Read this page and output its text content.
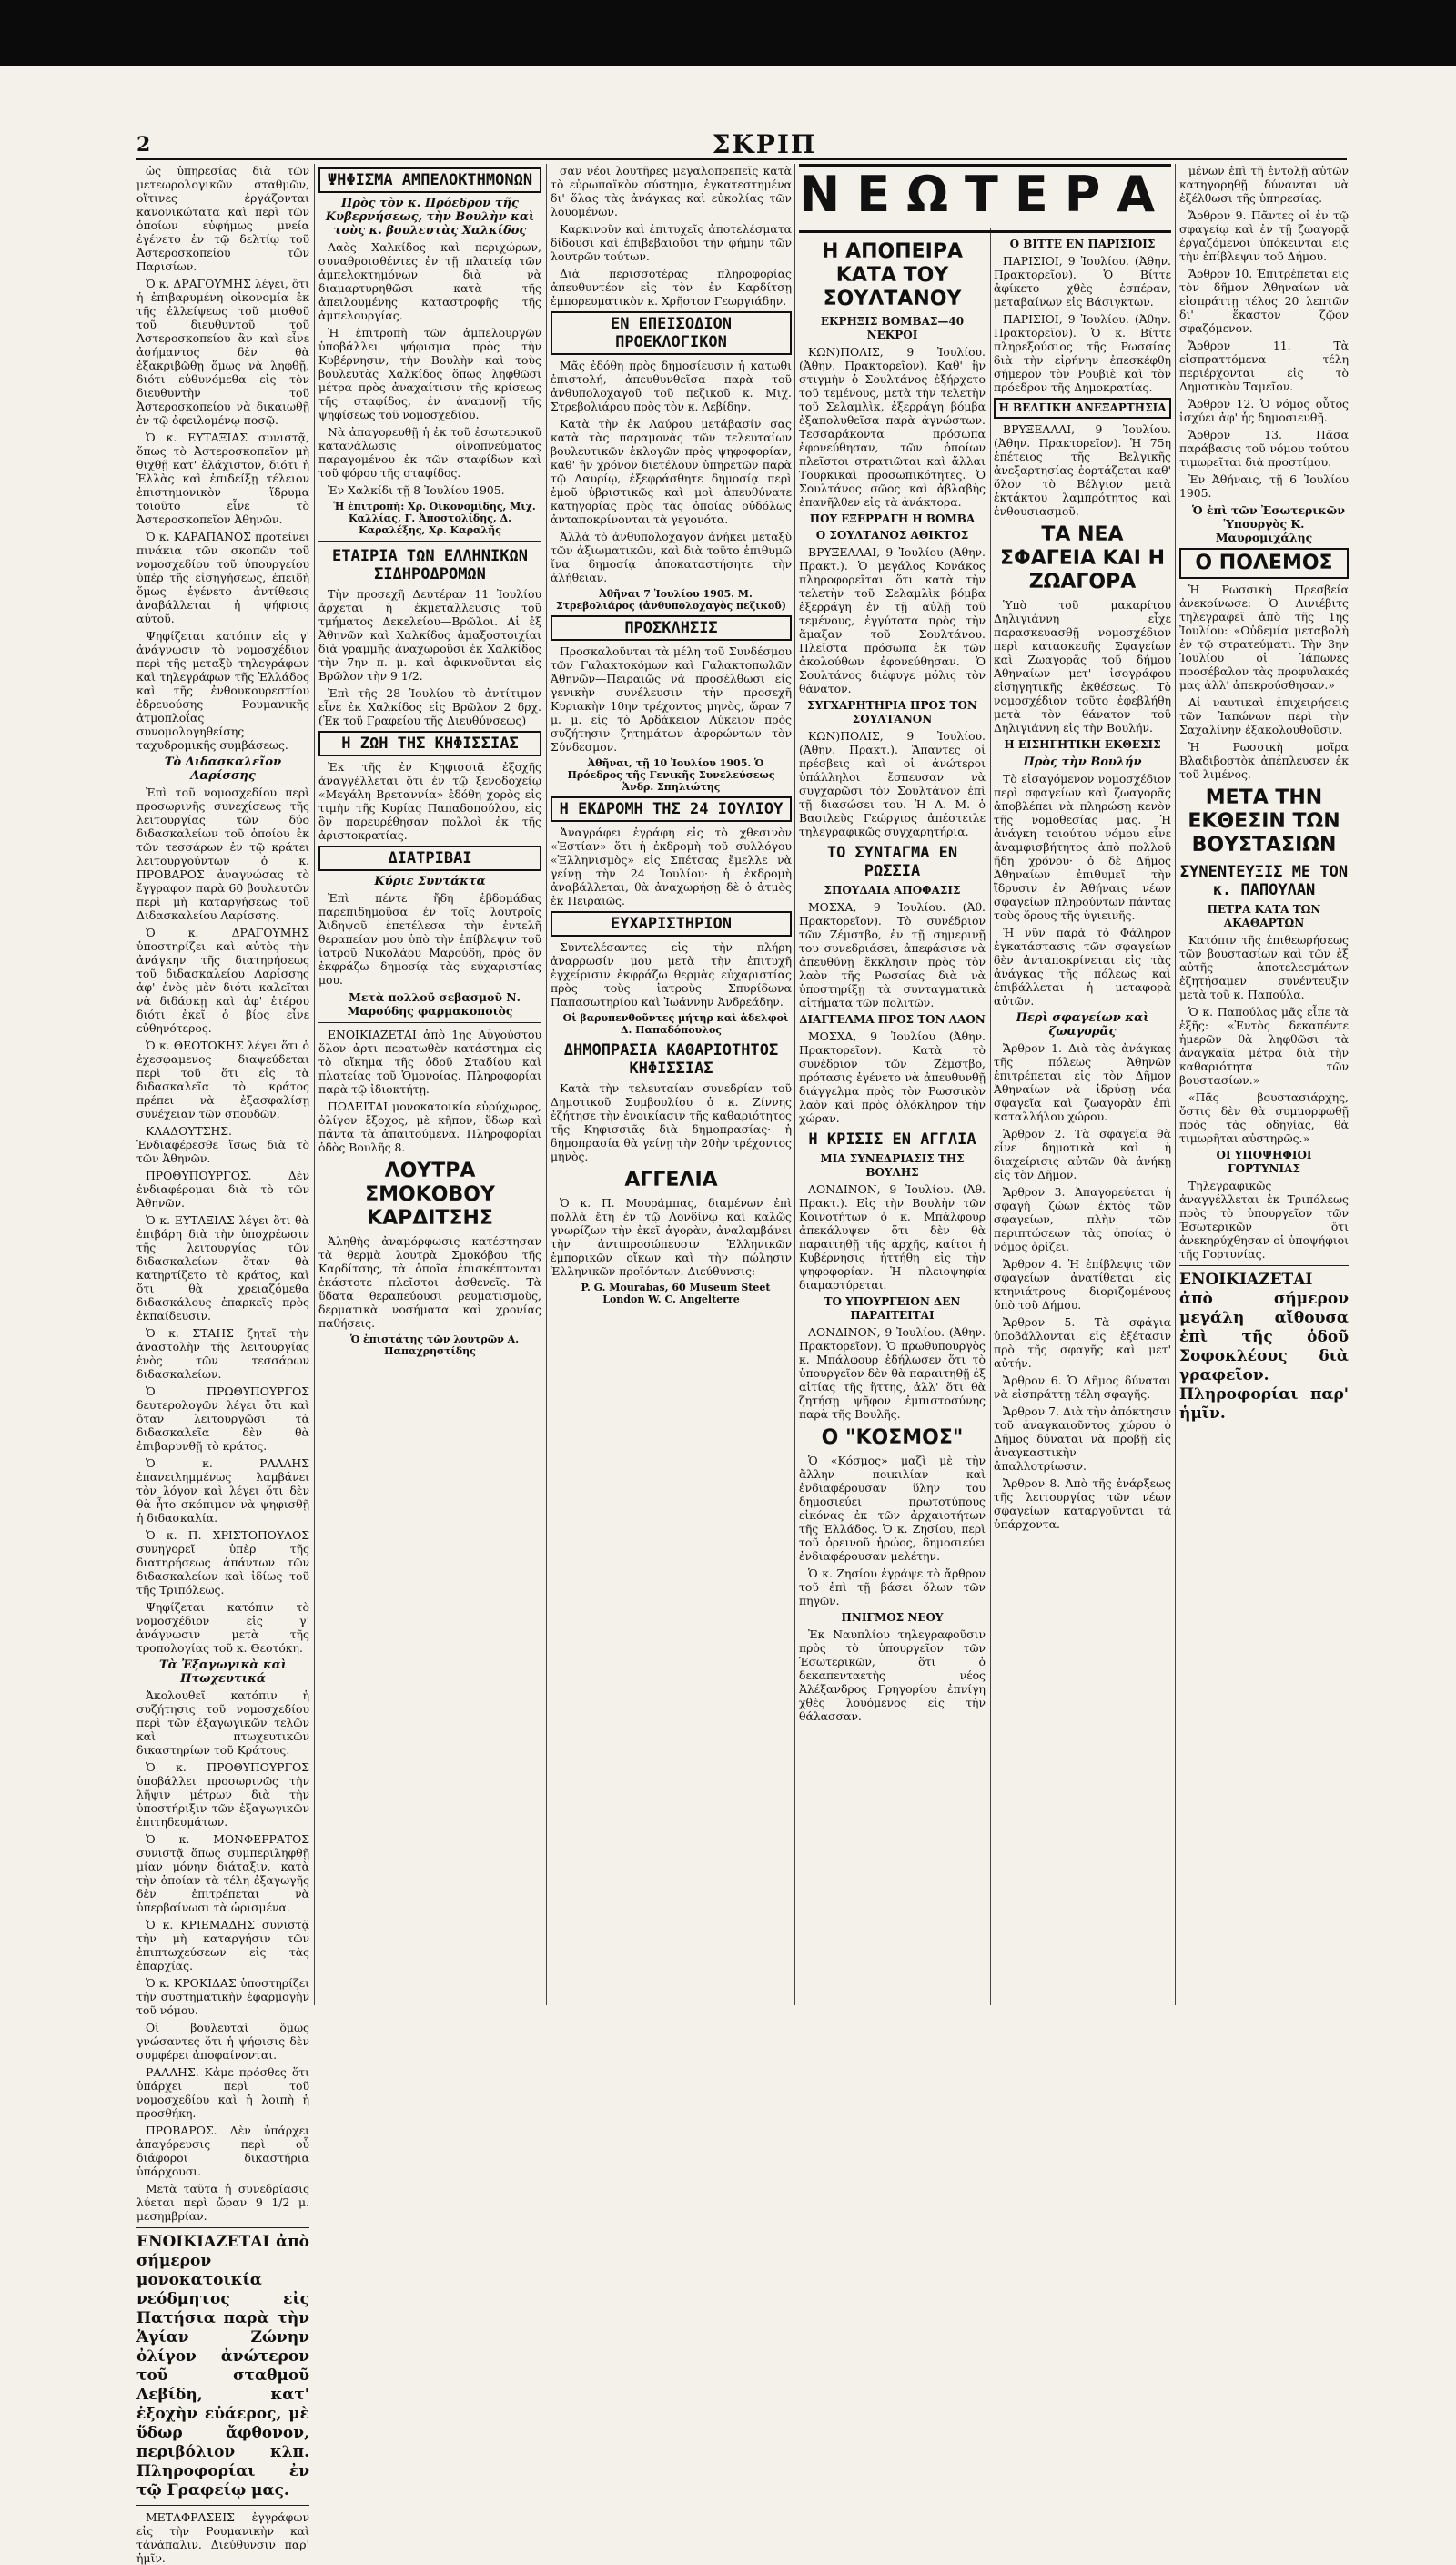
2	ΣΚΡΙΠ

ὡς ὑπηρεσίας διὰ τῶν μετεωρολογικῶν σταθμῶν, οἵτινες ἐργάζονται κανονικώτατα καὶ περὶ τῶν ὁποίων εὐφήμως μνεία ἐγένετο ἐν τῷ δελτίῳ τοῦ Ἀστεροσκοπείου τῶν Παρισίων.

Ὁ κ. ΔΡΑΓΟΥΜΗΣ λέγει, ὅτι ἡ ἐπιβαρυμένη οἰκονομία ἐκ τῆς ἐλλείψεως τοῦ μισθοῦ τοῦ διευθυντοῦ τοῦ Ἀστεροσκοπείου ἂν καὶ εἶνε ἀσήμαντος δὲν θὰ ἐξακριβῶθῃ ὅμως νὰ ληφθῇ, διότι εὐθυνόμεθα εἰς τὸν διευθυντὴν τοῦ Ἀστεροσκοπείου νὰ δικαιωθῇ ἐν τῷ ὀφειλομένῳ ποσῷ.

Ὁ κ. ΕΥΤΑΞΙΑΣ συνιστᾷ, ὅπως τὸ Ἀστεροσκοπεῖον μὴ θιχθῇ κατ' ἐλάχιστον, διότι ἡ Ἑλλὰς καὶ ἐπιδείξῃ τέλειον ἐπιστημονικὸν ἵδρυμα τοιοῦτο εἶνε τὸ Ἀστεροσκοπεῖον Ἀθηνῶν.

Ὁ κ. ΚΑΡΑΠΑΝΟΣ προτείνει πινάκια τῶν σκοπῶν τοῦ νομοσχεδίου τοῦ ὑπουργείου ὑπὲρ τῆς εἰσηγήσεως, ἐπειδὴ ὅμως ἐγένετο ἀντίθεσις ἀναβάλλεται ἡ ψήφισις αὐτοῦ.

Ψηφίζεται κατόπιν εἰς γ' ἀνάγνωσιν τὸ νομοσχέδιον περὶ τῆς μεταξὺ τηλεγράφων καὶ τηλεγράφων τῆς Ἑλλάδος καὶ τῆς ἐνθουκουρεστίου ἐδρευούσης Ρουμανικῆς ἀτμοπλοΐας συνομολογηθείσης ταχυδρομικῆς συμβάσεως.

Τὸ Διδασκαλεῖον Λαρίσσης

Ἐπὶ τοῦ νομοσχεδίου περὶ προσωρινῆς συνεχίσεως τῆς λειτουργίας τῶν δύο διδασκαλείων τοῦ ὁποίου ἐκ τῶν τεσσάρων ἐν τῷ κράτει λειτουργούντων ὁ κ. ΠΡΟΒΑΡΟΣ ἀναγνώσας τὸ ἔγγραφον παρὰ 60 βουλευτῶν περὶ μὴ καταργήσεως τοῦ Διδασκαλείου Λαρίσσης.

Ὁ κ. ΔΡΑΓΟΥΜΗΣ ὑποστηρίζει καὶ αὐτὸς τὴν ἀνάγκην τῆς διατηρήσεως τοῦ διδασκαλείου Λαρίσσης ἀφ' ἑνὸς μὲν διότι καλεῖται νὰ διδάσκῃ καὶ ἀφ' ἑτέρου διότι ἐκεῖ ὁ βίος εἶνε εὐθηνότερος.

Ὁ κ. ΘΕΟΤΟΚΗΣ λέγει ὅτι ὁ ἐχεσφαμενος διαψεύδεται περὶ τοῦ ὅτι εἰς τὰ διδασκαλεῖα τὸ κράτος πρέπει νὰ ἐξασφαλίσῃ συνέχειαν τῶν σπουδῶν.

ΚΛΑΔΟΥΤΣΗΣ. Ἐνδιαφέρεσθε ἴσως διὰ τὸ τῶν Ἀθηνῶν.

ΠΡΟΘΥΠΟΥΡΓΟΣ. Δὲν ἐνδιαφέρομαι διὰ τὸ τῶν Ἀθηνῶν.

Ὁ κ. ΕΥΤΑΞΙΑΣ λέγει ὅτι θὰ ἐπιβάρη διὰ τὴν ὑποχρέωσιν τῆς λειτουργίας τῶν διδασκαλείων ὅταν θὰ κατηρτίζετο τὸ κράτος, καὶ ὅτι θὰ χρειαζόμεθα διδασκάλους ἐπαρκεῖς πρὸς ἐκπαίδευσιν.

Ὁ κ. ΣΤΑΗΣ ζητεῖ τὴν ἀναστολὴν τῆς λειτουργίας ἑνὸς τῶν τεσσάρων διδασκαλείων.

Ὁ ΠΡΩΘΥΠΟΥΡΓΟΣ δευτερολογῶν λέγει ὅτι καὶ ὅταν λειτουργῶσι τὰ διδασκαλεῖα δὲν θὰ ἐπιβαρυνθῇ τὸ κράτος.

Ὁ κ. ΡΑΛΛΗΣ ἐπανειλημμένως λαμβάνει τὸν λόγον καὶ λέγει ὅτι δὲν θὰ ἦτο σκόπιμον νὰ ψηφισθῇ ἡ διδασκαλία.

Ὁ κ. Π. ΧΡΙΣΤΟΠΟΥΛΟΣ συνηγορεῖ ὑπὲρ τῆς διατηρήσεως ἁπάντων τῶν διδασκαλείων καὶ ἰδίως τοῦ τῆς Τριπόλεως.

Ψηφίζεται κατόπιν τὸ νομοσχέδιον εἰς γ' ἀνάγνωσιν μετὰ τῆς τροπολογίας τοῦ κ. Θεοτόκη.

Τὰ Ἐξαγωγικὰ καὶ Πτωχευτικά

Ἀκολουθεῖ κατόπιν ἡ συζήτησις τοῦ νομοσχεδίου περὶ τῶν ἐξαγωγικῶν τελῶν καὶ πτωχευτικῶν δικαστηρίων τοῦ Κράτους.

Ὁ κ. ΠΡΟΘΥΠΟΥΡΓΟΣ ὑποβάλλει προσωρινῶς τὴν λῆψιν μέτρων διὰ τὴν ὑποστήριξιν τῶν ἐξαγωγικῶν ἐπιτηδευμάτων.

Ὁ κ. ΜΟΝΦΕΡΡΑΤΟΣ συνιστᾷ ὅπως συμπεριληφθῇ μίαν μόνην διάταξιν, κατὰ τὴν ὁποίαν τὰ τέλη ἐξαγωγῆς δὲν ἐπιτρέπεται νὰ ὑπερβαίνωσι τὰ ὡρισμένα.

Ὁ κ. ΚΡΙΕΜΑΔΗΣ συνιστᾷ τὴν μὴ καταργήσιν τῶν ἐπιπτωχεύσεων εἰς τὰς ἐπαρχίας.

Ὁ κ. ΚΡΟΚΙΔΑΣ ὑποστηρίζει τὴν συστηματικὴν ἐφαρμογὴν τοῦ νόμου.

Οἱ βουλευταὶ ὅμως γνώσαντες ὅτι ἡ ψήφισις δὲν συμφέρει ἀποφαίνονται.

ΡΑΛΛΗΣ. Κἀμε πρόσθες ὅτι ὑπάρχει περὶ τοῦ νομοσχεδίου καὶ ἡ λοιπὴ ἡ προσθήκη.

ΠΡΟΒΑΡΟΣ. Δὲν ὑπάρχει ἀπαγόρευσις περὶ οὗ διάφοροι δικαστήρια ὑπάρχουσι.

Μετὰ ταῦτα ἡ συνεδρίασις λύεται περὶ ὥραν 9 1/2 μ. μεσημβρίαν.

ΕΝΟΙΚΙΑΖΕΤΑΙ ἀπὸ σήμερον μονοκατοικία νεόδμητος εἰς Πατήσια παρὰ τὴν Ἁγίαν Ζώνην ὀλίγον ἀνώτερον τοῦ σταθμοῦ Λεβίδη, κατ' ἐξοχὴν εὐάερος, μὲ ὕδωρ ἄφθονον, περιβόλιον κλπ. Πληροφορίαι ἐν τῷ Γραφείῳ μας.

ΜΕΤΑΦΡΑΣΕΙΣ ἐγγράφων εἰς τὴν Ρουμανικὴν καὶ τἀνάπαλιν. Διεύθυνσιν παρ' ἡμῖν.

ΨΗΦΙΣΜΑ ΑΜΠΕΛΟΚΤΗΜΟΝΩΝ
Πρὸς τὸν κ. Πρόεδρον τῆς Κυβερνήσεως, τὴν Βουλὴν καὶ τοὺς κ. βουλευτὰς Χαλκίδος

Λαὸς Χαλκίδος καὶ περιχώρων, συναθροισθέντες ἐν τῇ πλατείᾳ τῶν ἀμπελοκτημόνων διὰ νὰ διαμαρτυρηθῶσι κατὰ τῆς ἀπειλουμένης καταστροφῆς τῆς ἀμπελουργίας.

Ἡ ἐπιτροπὴ τῶν ἀμπελουργῶν ὑποβάλλει ψήφισμα πρὸς τὴν Κυβέρνησιν, τὴν Βουλὴν καὶ τοὺς βουλευτὰς Χαλκίδος ὅπως ληφθῶσι μέτρα πρὸς ἀναχαίτισιν τῆς κρίσεως τῆς σταφίδος, ἐν ἀναμονῇ τῆς ψηφίσεως τοῦ νομοσχεδίου.

Νὰ ἀπαγορευθῇ ἡ ἐκ τοῦ ἐσωτερικοῦ κατανάλωσις οἰνοπνεύματος παραγομένου ἐκ τῶν σταφίδων καὶ τοῦ φόρου τῆς σταφίδος.

Ἐν Χαλκίδι τῇ 8 Ἰουλίου 1905.

Ἡ ἐπιτροπὴ: Χρ. Οἰκονομίδης, Μιχ. Καλλίας, Γ. Ἀποστολίδης, Δ. Καραλέξης, Χρ. Καραλῆς

ΕΤΑΙΡΙΑ ΤΩΝ ΕΛΛΗΝΙΚΩΝ ΣΙΔΗΡΟΔΡΟΜΩΝ

Τὴν προσεχῆ Δευτέραν 11 Ἰουλίου ἄρχεται ἡ ἐκμετάλλευσις τοῦ τμήματος Δεκελείου—Βρῶλοι. Αἱ ἐξ Ἀθηνῶν καὶ Χαλκίδος ἀμαξοστοιχίαι διὰ γραμμῆς ἀναχωροῦσι ἐκ Χαλκίδος τὴν 7ην π. μ. καὶ ἀφικνοῦνται εἰς Βρῶλον τὴν 9 1/2.

Ἐπὶ τῆς 28 Ἰουλίου τὸ ἀντίτιμον εἶνε ἐκ Χαλκίδος εἰς Βρῶλον 2 δρχ. (Ἐκ τοῦ Γραφείου τῆς Διευθύνσεως)

Η ΖΩΗ ΤΗΣ ΚΗΦΙΣΣΙΑΣ

Ἐκ τῆς ἐν Κηφισσιᾷ ἐξοχῆς ἀναγγέλλεται ὅτι ἐν τῷ ξενοδοχείῳ «Μεγάλη Βρεταννία» ἐδόθη χορὸς εἰς τιμὴν τῆς Κυρίας Παπαδοπούλου, εἰς ὃν παρευρέθησαν πολλοὶ ἐκ τῆς ἀριστοκρατίας.

ΔΙΑΤΡΙΒΑΙ
Κύριε Συντάκτα

Ἐπὶ πέντε ἤδη ἑβδομάδας παρεπιδημοῦσα ἐν τοῖς λουτροῖς Ἀιδηψοῦ ἐπετέλεσα τὴν ἐντελῆ θεραπείαν μου ὑπὸ τὴν ἐπίβλεψιν τοῦ ἰατροῦ Νικολάου Μαρούδη, πρὸς ὃν ἐκφράζω δημοσίᾳ τὰς εὐχαριστίας μου.

Μετὰ πολλοῦ σεβασμοῦ Ν. Μαρούδης φαρμακοποιὸς

ΕΝΟΙΚΙΑΖΕΤΑΙ ἀπὸ 1ης Αὐγούστου ὅλον ἀρτι περατωθὲν κατάστημα εἰς τὸ οἴκημα τῆς ὁδοῦ Σταδίου καὶ πλατείας τοῦ Ὁμονοίας. Πληροφορίαι παρὰ τῷ ἰδιοκτήτῃ.

ΠΩΛΕΙΤΑΙ μονοκατοικία εὐρύχωρος, ὀλίγον ἔξοχος, μὲ κῆπον, ὕδωρ καὶ πάντα τὰ ἀπαιτούμενα. Πληροφορίαι ὁδὸς Βουλῆς 8.

ΛΟΥΤΡΑ ΣΜΟΚΟΒΟΥ ΚΑΡΔΙΤΣΗΣ

Ἀληθὴς ἀναμόρφωσις κατέστησαν τὰ θερμὰ λουτρὰ Σμοκόβου τῆς Καρδίτσης, τὰ ὁποῖα ἐπισκέπτονται ἑκάστοτε πλεῖστοι ἀσθενεῖς. Τὰ ὕδατα θεραπεύουσι ρευματισμοὺς, δερματικὰ νοσήματα καὶ χρονίας παθήσεις.

Ὁ ἐπιστάτης τῶν λουτρῶν Α. Παπαχρηστίδης

σαν νέοι λουτῆρες μεγαλοπρεπεῖς κατὰ τὸ εὐρωπαϊκὸν σύστημα, ἐγκατεστημένα δι' ὅλας τὰς ἀνάγκας καὶ εὐκολίας τῶν λουομένων.

Καρκινοῦν καὶ ἐπιτυχεῖς ἀποτελέσματα δίδουσι καὶ ἐπιβεβαιοῦσι τὴν φήμην τῶν λουτρῶν τούτων.

Διὰ περισσοτέρας πληροφορίας ἀπευθυντέον εἰς τὸν ἐν Καρδίτσῃ ἐμπορευματικὸν κ. Χρῆστον Γεωργιάδην.

ΕΝ ΕΠΕΙΣΟΔΙΟΝ ΠΡΟΕΚΛΟΓΙΚΟΝ

Μᾶς ἐδόθη πρὸς δημοσίευσιν ἡ κατωθι ἐπιστολή, ἀπευθυνθεῖσα παρὰ τοῦ ἀνθυπολοχαγοῦ τοῦ πεζικοῦ κ. Μιχ. Στρεβολιάρου πρὸς τὸν κ. Λεβίδην.

Κατὰ τὴν ἐκ Λαύρου μετάβασίν σας κατὰ τὰς παραμονὰς τῶν τελευταίων βουλευτικῶν ἐκλογῶν πρὸς ψηφοφορίαν, καθ' ἣν χρόνον διετέλουν ὑπηρετῶν παρὰ τῷ Λαυρίῳ, ἐξεφράσθητε δημοσίᾳ περὶ ἐμοῦ ὑβριστικῶς καὶ μοὶ ἀπευθύνατε κατηγορίας πρὸς τὰς ὁποίας οὐδόλως ἀνταποκρίνονται τὰ γεγονότα.

Ἀλλὰ τὸ ἀνθυπολοχαγὸν ἀνήκει μεταξὺ τῶν ἀξιωματικῶν, καὶ διὰ τοῦτο ἐπιθυμῶ ἵνα δημοσίᾳ ἀποκαταστήσητε τὴν ἀλήθειαν.

Ἀθῆναι 7 Ἰουλίου 1905. Μ. Στρεβολιάρος (ἀνθυπολοχαγὸς πεζικοῦ)

ΠΡΟΣΚΛΗΣΙΣ

Προσκαλοῦνται τὰ μέλη τοῦ Συνδέσμου τῶν Γαλακτοκόμων καὶ Γαλακτοπωλῶν Ἀθηνῶν—Πειραιῶς νὰ προσέλθωσι εἰς γενικὴν συνέλευσιν τὴν προσεχῆ Κυριακὴν 10ην τρέχοντος μηνὸς, ὥραν 7 μ. μ. εἰς τὸ Ἀρδάκειον Λύκειον πρὸς συζήτησιν ζητημάτων ἀφορώντων τὸν Σύνδεσμον.

Ἀθῆναι, τῇ 10 Ἰουλίου 1905. Ὁ Πρόεδρος τῆς Γενικῆς Συνελεύσεως Ἀνδρ. Σπηλιώτης

Η ΕΚΔΡΟΜΗ ΤΗΣ 24 ΙΟΥΛΙΟΥ

Ἀναγράφει ἐγράφη εἰς τὸ χθεσινὸν «Ἑστίαν» ὅτι ἡ ἐκδρομὴ τοῦ συλλόγου «Ἑλληνισμὸς» εἰς Σπέτσας ἔμελλε νὰ γείνῃ τὴν 24 Ἰουλίου· ἡ ἐκδρομὴ ἀναβάλλεται, θὰ ἀναχωρήσῃ δὲ ὁ ἀτμὸς ἐκ Πειραιῶς.

ΕΥΧΑΡΙΣΤΗΡΙΟΝ

Συντελέσαντες εἰς τὴν πλήρη ἀναρρωσίν μου μετὰ τὴν ἐπιτυχῆ ἐγχείρισιν ἐκφράζω θερμὰς εὐχαριστίας πρὸς τοὺς ἰατροὺς Σπυρίδωνα Παπασωτηρίου καὶ Ἰωάννην Ἀνδρεάδην.

Οἱ βαρυπενθοῦντες μήτηρ καὶ ἀδελφοὶ Δ. Παπαδόπουλος

ΔΗΜΟΠΡΑΣΙΑ ΚΑΘΑΡΙΟΤΗΤΟΣ ΚΗΦΙΣΣΙΑΣ

Κατὰ τὴν τελευταίαν συνεδρίαν τοῦ Δημοτικοῦ Συμβουλίου ὁ κ. Ζίννης ἐζήτησε τὴν ἐνοικίασιν τῆς καθαριότητος τῆς Κηφισσιᾶς διὰ δημοπρασίας· ἡ δημοπρασία θὰ γείνῃ τὴν 20ὴν τρέχοντος μηνὸς.

ΑΓΓΕΛΙΑ

Ὁ κ. Π. Μουράμπας, διαμένων ἐπὶ πολλὰ ἔτη ἐν τῷ Λονδίνῳ καὶ καλῶς γνωρίζων τὴν ἐκεῖ ἀγορὰν, ἀναλαμβάνει τὴν ἀντιπροσώπευσιν Ἑλληνικῶν ἐμπορικῶν οἴκων καὶ τὴν πώλησιν Ἑλληνικῶν προϊόντων. Διεύθυνσις:

P. G. Mourabas, 60 Museum Steet London W. C. Angelterre

ΝΕΩΤΕΡΑ
Η ΑΠΟΠΕΙΡΑ ΚΑΤΑ ΤΟΥ ΣΟΥΛΤΑΝΟΥ
ΕΚΡΗΞΙΣ ΒΟΜΒΑΣ—40 ΝΕΚΡΟΙ

ΚΩΝ)ΠΟΛΙΣ, 9 Ἰουλίου. (Ἀθην. Πρακτορεῖον). Καθ' ἣν στιγμὴν ὁ Σουλτάνος ἐξήρχετο τοῦ τεμένους, μετὰ τὴν τελετὴν τοῦ Σελαμλὶκ, ἐξερράγη βόμβα ἐξαπολυθεῖσα παρὰ ἀγνώστων. Τεσσαράκοντα πρόσωπα ἐφονεύθησαν, τῶν ὁποίων πλεῖστοι στρατιῶται καὶ ἄλλαι Τουρκικαὶ προσωπικότητες. Ὁ Σουλτάνος σῶος καὶ ἀβλαβὴς ἐπανῆλθεν εἰς τὰ ἀνάκτορα.

ΠΟΥ ΕΞΕΡΡΑΓΗ Η ΒΟΜΒΑ
Ο ΣΟΥΛΤΑΝΟΣ ΑΘΙΚΤΟΣ

ΒΡΥΞΕΛΛΑΙ, 9 Ἰουλίου (Ἀθην. Πρακτ.). Ὁ μεγάλος Κονάκος πληροφορεῖται ὅτι κατὰ τὴν τελετὴν τοῦ Σελαμλὶκ βόμβα ἐξερράγη ἐν τῇ αὐλῇ τοῦ τεμένους, ἐγγύτατα πρὸς τὴν ἅμαξαν τοῦ Σουλτάνου. Πλεῖστα πρόσωπα ἐκ τῶν ἀκολούθων ἐφονεύθησαν. Ὁ Σουλτάνος διέφυγε μόλις τὸν θάνατον.

ΣΥΓΧΑΡΗΤΗΡΙΑ ΠΡΟΣ ΤΟΝ ΣΟΥΛΤΑΝΟΝ

ΚΩΝ)ΠΟΛΙΣ, 9 Ἰουλίου. (Ἀθην. Πρακτ.). Ἅπαντες οἱ πρέσβεις καὶ οἱ ἀνώτεροι ὑπάλληλοι ἔσπευσαν νὰ συγχαρῶσι τὸν Σουλτάνον ἐπὶ τῇ διασώσει του. Ἡ Α. Μ. ὁ Βασιλεὺς Γεώργιος ἀπέστειλε τηλεγραφικῶς συγχαρητήρια.

ΤΟ ΣΥΝΤΑΓΜΑ ΕΝ ΡΩΣΣΙΑ
ΣΠΟΥΔΑΙΑ ΑΠΟΦΑΣΙΣ

ΜΟΣΧΑ, 9 Ἰουλίου. (Ἀθ. Πρακτορεῖον). Τὸ συνέδριον τῶν Ζέμστβο, ἐν τῇ σημερινῇ του συνεδριάσει, ἀπεφάσισε νὰ ἀπευθύνῃ ἔκκλησιν πρὸς τὸν λαὸν τῆς Ρωσσίας διὰ νὰ ὑποστηρίξῃ τὰ συνταγματικὰ αἰτήματα τῶν πολιτῶν.

ΔΙΑΓΓΕΛΜΑ ΠΡΟΣ ΤΟΝ ΛΑΟΝ

ΜΟΣΧΑ, 9 Ἰουλίου (Ἀθην. Πρακτορεῖον). Κατὰ τὸ συνέδριον τῶν Ζέμστβο, πρότασις ἐγένετο νὰ ἀπευθυνθῇ διάγγελμα πρὸς τὸν Ρωσσικὸν λαὸν καὶ πρὸς ὁλόκληρον τὴν χώραν.

Η ΚΡΙΣΙΣ ΕΝ ΑΓΓΛΙΑ
ΜΙΑ ΣΥΝΕΔΡΙΑΣΙΣ ΤΗΣ ΒΟΥΛΗΣ

ΛΟΝΔΙΝΟΝ, 9 Ἰουλίου. (Ἀθ. Πρακτ.). Εἰς τὴν Βουλὴν τῶν Κοινοτήτων ὁ κ. Μπάλφουρ ἀπεκάλυψεν ὅτι δὲν θὰ παραιτηθῇ τῆς ἀρχῆς, καίτοι ἡ Κυβέρνησις ἡττήθη εἰς τὴν ψηφοφορίαν. Ἡ πλειοψηφία διαμαρτύρεται.

ΤΟ ΥΠΟΥΡΓΕΙΟΝ ΔΕΝ ΠΑΡΑΙΤΕΙΤΑΙ

ΛΟΝΔΙΝΟΝ, 9 Ἰουλίου. (Ἀθην. Πρακτορεῖον). Ὁ πρωθυπουργὸς κ. Μπάλφουρ ἐδήλωσεν ὅτι τὸ ὑπουργεῖον δὲν θὰ παραιτηθῇ ἐξ αἰτίας τῆς ἥττης, ἀλλ' ὅτι θὰ ζητήσῃ ψῆφον ἐμπιστοσύνης παρὰ τῆς Βουλῆς.

Ο "ΚΟΣΜΟΣ"

Ὁ «Κόσμος» μαζὶ μὲ τὴν ἄλλην ποικιλίαν καὶ ἐνδιαφέρουσαν ὕλην του δημοσιεύει πρωτοτύπους εἰκόνας ἐκ τῶν ἀρχαιοτήτων τῆς Ἑλλάδος. Ὁ κ. Ζησίου, περὶ τοῦ ὀρεινοῦ ἡρώος, δημοσιεύει ἐνδιαφέρουσαν μελέτην.

Ὁ κ. Ζησίου ἐγράψε τὸ ἄρθρον τοῦ ἐπὶ τῇ βάσει ὅλων τῶν πηγῶν.

ΠΝΙΓΜΟΣ ΝΕΟΥ

Ἐκ Ναυπλίου τηλεγραφοῦσιν πρὸς τὸ ὑπουργεῖον τῶν Ἐσωτερικῶν, ὅτι ὁ δεκαπενταετὴς νέος Ἀλέξανδρος Γρηγορίου ἐπνίγη χθὲς λουόμενος εἰς τὴν θάλασσαν.

Ο ΒΙΤΤΕ ΕΝ ΠΑΡΙΣΙΟΙΣ

ΠΑΡΙΣΙΟΙ, 9 Ἰουλίου. (Ἀθην. Πρακτορεῖον). Ὁ Βίττε ἀφίκετο χθὲς ἑσπέραν, μεταβαίνων εἰς Βάσιγκτων.

ΠΑΡΙΣΙΟΙ, 9 Ἰουλίου. (Ἀθην. Πρακτορεῖον). Ὁ κ. Βίττε πληρεξούσιος τῆς Ρωσσίας διὰ τὴν εἰρήνην ἐπεσκέφθη σήμερον τὸν Ρουβιὲ καὶ τὸν πρόεδρον τῆς Δημοκρατίας.

Η ΒΕΛΓΙΚΗ ΑΝΕΞΑΡΤΗΣΙΑ

ΒΡΥΞΕΛΛΑΙ, 9 Ἰουλίου. (Ἀθην. Πρακτορεῖον). Ἡ 75η ἐπέτειος τῆς Βελγικῆς ἀνεξαρτησίας ἑορτάζεται καθ' ὅλον τὸ Βέλγιον μετὰ ἐκτάκτου λαμπρότητος καὶ ἐνθουσιασμοῦ.

ΤΑ ΝΕΑ ΣΦΑΓΕΙΑ ΚΑΙ Η ΖΩΑΓΟΡΑ

Ὑπὸ τοῦ μακαρίτου Δηλιγιάννη εἶχε παρασκευασθῇ νομοσχέδιον περὶ κατασκευῆς Σφαγείων καὶ Ζωαγορᾶς τοῦ δήμου Ἀθηναίων μετ' ἰσογράφου εἰσηγητικῆς ἐκθέσεως. Τὸ νομοσχέδιον τοῦτο ἐφεβλήθη μετὰ τὸν θάνατον τοῦ Δηλιγιάννη εἰς τὴν Βουλήν.

Η ΕΙΣΗΓΗΤΙΚΗ ΕΚΘΕΣΙΣ
Πρὸς τὴν Βουλήν

Τὸ εἰσαγόμενον νομοσχέδιον περὶ σφαγείων καὶ ζωαγορᾶς ἀποβλέπει νὰ πληρώσῃ κενὸν τῆς νομοθεσίας μας. Ἡ ἀνάγκη τοιούτου νόμου εἶνε ἀναμφισβήτητος ἀπὸ πολλοῦ ἤδη χρόνου· ὁ δὲ Δῆμος Ἀθηναίων ἐπιθυμεῖ τὴν ἵδρυσιν ἐν Ἀθήναις νέων σφαγείων πληρούντων πάντας τοὺς ὅρους τῆς ὑγιεινῆς.

Ἡ νῦν παρὰ τὸ Φάληρον ἐγκατάστασις τῶν σφαγείων δὲν ἀνταποκρίνεται εἰς τὰς ἀνάγκας τῆς πόλεως καὶ ἐπιβάλλεται ἡ μεταφορὰ αὐτῶν.

Περὶ σφαγείων καὶ ζωαγορᾶς

Ἄρθρον 1. Διὰ τὰς ἀνάγκας τῆς πόλεως Ἀθηνῶν ἐπιτρέπεται εἰς τὸν Δῆμον Ἀθηναίων νὰ ἱδρύσῃ νέα σφαγεῖα καὶ ζωαγορὰν ἐπὶ καταλλήλου χώρου.

Ἄρθρον 2. Τὰ σφαγεῖα θὰ εἶνε δημοτικὰ καὶ ἡ διαχείρισις αὐτῶν θὰ ἀνήκῃ εἰς τὸν Δῆμον.

Ἄρθρον 3. Ἀπαγορεύεται ἡ σφαγὴ ζώων ἐκτὸς τῶν σφαγείων, πλὴν τῶν περιπτώσεων τὰς ὁποίας ὁ νόμος ὁρίζει.

Ἄρθρον 4. Ἡ ἐπίβλεψις τῶν σφαγείων ἀνατίθεται εἰς κτηνιάτρους διοριζομένους ὑπὸ τοῦ Δήμου.

Ἄρθρον 5. Τὰ σφάγια ὑποβάλλονται εἰς ἐξέτασιν πρὸ τῆς σφαγῆς καὶ μετ' αὐτήν.

Ἄρθρον 6. Ὁ Δῆμος δύναται νὰ εἰσπράττῃ τέλη σφαγῆς.

Ἄρθρον 7. Διὰ τὴν ἀπόκτησιν τοῦ ἀναγκαιοῦντος χώρου ὁ Δῆμος δύναται νὰ προβῇ εἰς ἀναγκαστικὴν ἀπαλλοτρίωσιν.

Ἄρθρον 8. Ἀπὸ τῆς ἐνάρξεως τῆς λειτουργίας τῶν νέων σφαγείων καταργοῦνται τὰ ὑπάρχοντα.

μένων ἐπὶ τῇ ἐντολῇ αὐτῶν κατηγορηθῇ δύνανται νὰ ἐξέλθωσι τῆς ὑπηρεσίας.

Ἄρθρον 9. Πᾶντες οἱ ἐν τῷ σφαγείῳ καὶ ἐν τῇ ζωαγορᾷ ἐργαζόμενοι ὑπόκεινται εἰς τὴν ἐπίβλεψιν τοῦ Δήμου.

Ἄρθρον 10. Ἐπιτρέπεται εἰς τὸν δῆμον Ἀθηναίων νὰ εἰσπράττῃ τέλος 20 λεπτῶν δι' ἕκαστον ζῷον σφαζόμενον.

Ἄρθρον 11. Τὰ εἰσπραττόμενα τέλη περιέρχονται εἰς τὸ Δημοτικὸν Ταμεῖον.

Ἄρθρον 12. Ὁ νόμος οὗτος ἰσχύει ἀφ' ἧς δημοσιευθῇ.

Ἄρθρον 13. Πᾶσα παράβασις τοῦ νόμου τούτου τιμωρεῖται διὰ προστίμου.

Ἐν Ἀθήναις, τῇ 6 Ἰουλίου 1905.

Ὁ ἐπὶ τῶν Ἐσωτερικῶν Ὑπουργὸς Κ. Μαυρομιχάλης

Ο ΠΟΛΕΜΟΣ

Ἡ Ρωσσικὴ Πρεσβεία ἀνεκοίνωσε: Ὁ Λινιέβιτς τηλεγραφεῖ ἀπὸ τῆς 1ης Ἰουλίου: «Οὐδεμία μεταβολὴ ἐν τῷ στρατεύματι. Τὴν 3ην Ἰουλίου οἱ Ἰάπωνες προσέβαλον τὰς προφυλακάς μας ἀλλ' ἀπεκρούσθησαν.»

Αἱ ναυτικαὶ ἐπιχειρήσεις τῶν Ἰαπώνων περὶ τὴν Σαχαλίνην ἐξακολουθοῦσιν.

Ἡ Ρωσσικὴ μοῖρα Βλαδιβοστὸκ ἀπέπλευσεν ἐκ τοῦ λιμένος.

ΜΕΤΑ ΤΗΝ ΕΚΘΕΣΙΝ ΤΩΝ ΒΟΥΣΤΑΣΙΩΝ
ΣΥΝΕΝΤΕΥΞΙΣ ΜΕ ΤΟΝ κ. ΠΑΠΟΥΛΑΝ
ΠΕΤΡΑ ΚΑΤΑ ΤΩΝ ΑΚΑΘΑΡΤΩΝ

Κατόπιν τῆς ἐπιθεωρήσεως τῶν βουστασίων καὶ τῶν ἐξ αὐτῆς ἀποτελεσμάτων ἐζητήσαμεν συνέντευξιν μετὰ τοῦ κ. Παπούλα.

Ὁ κ. Παπούλας μᾶς εἶπε τὰ ἑξῆς: «Ἐντὸς δεκαπέντε ἡμερῶν θὰ ληφθῶσι τὰ ἀναγκαῖα μέτρα διὰ τὴν καθαριότητα τῶν βουστασίων.»

«Πᾶς βουστασιάρχης, ὅστις δὲν θὰ συμμορφωθῇ πρὸς τὰς ὁδηγίας, θὰ τιμωρῆται αὐστηρῶς.»

ΟΙ ΥΠΟΨΗΦΙΟΙ ΓΟΡΤΥΝΙΑΣ

Τηλεγραφικῶς ἀναγγέλλεται ἐκ Τριπόλεως πρὸς τὸ ὑπουργεῖον τῶν Ἐσωτερικῶν ὅτι ἀνεκηρύχθησαν οἱ ὑποψήφιοι τῆς Γορτυνίας.

ΕΝΟΙΚΙΑΖΕΤΑΙ ἀπὸ σήμερον μεγάλη αἴθουσα ἐπὶ τῆς ὁδοῦ Σοφοκλέους διὰ γραφεῖον. Πληροφορίαι παρ' ἡμῖν.
